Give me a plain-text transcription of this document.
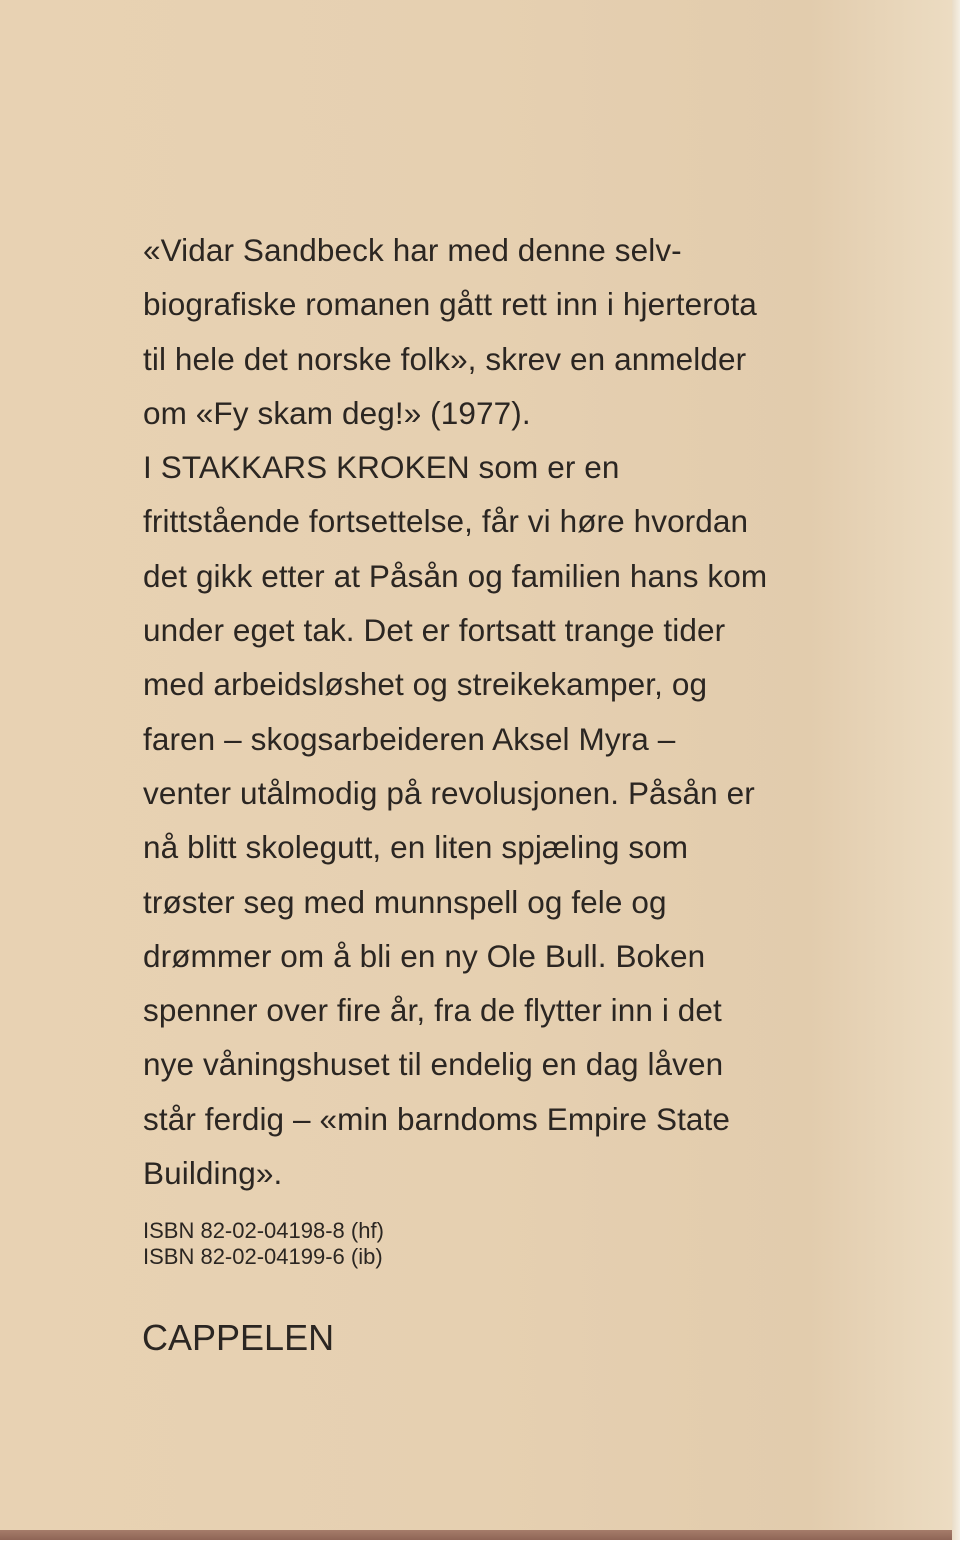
«Vidar Sandbeck har med denne selv-
biografiske romanen gått rett inn i hjerterota
til hele det norske folk», skrev en anmelder
om «Fy skam deg!» (1977).
I STAKKARS KROKEN som er en
frittstående fortsettelse, får vi høre hvordan
det gikk etter at Påsån og familien hans kom
under eget tak. Det er fortsatt trange tider
med arbeidsløshet og streikekamper, og
faren – skogsarbeideren Aksel Myra –
venter utålmodig på revolusjonen. Påsån er
nå blitt skolegutt, en liten spjæling som
trøster seg med munnspell og fele og
drømmer om å bli en ny Ole Bull. Boken
spenner over fire år, fra de flytter inn i det
nye våningshuset til endelig en dag låven
står ferdig – «min barndoms Empire State
Building».
ISBN 82-02-04198-8 (hf)
ISBN 82-02-04199-6 (ib)
CAPPELEN
